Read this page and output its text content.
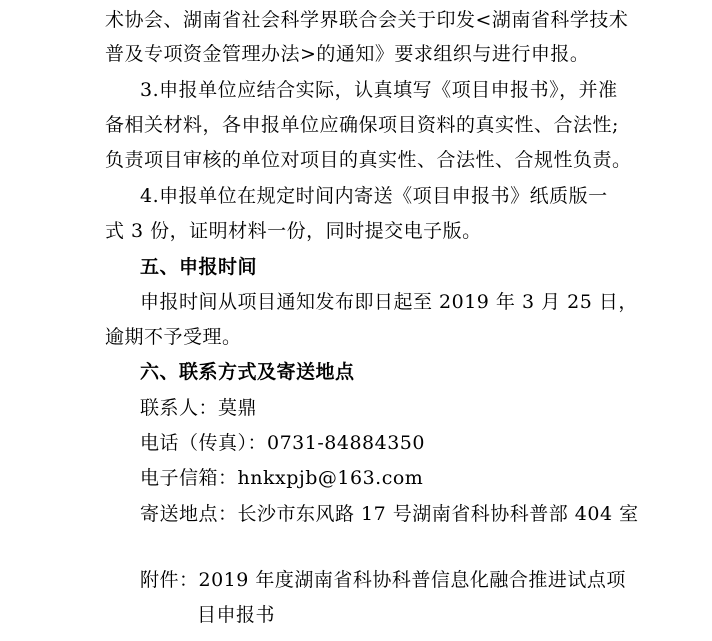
术协会、湖南省社会科学界联合会关于印发<湖南省科学技术
普及专项资金管理办法>的通知》要求组织与进行申报。
3.申报单位应结合实际，认真填写《项目申报书》，并准
备相关材料，各申报单位应确保项目资料的真实性、合法性;
负责项目审核的单位对项目的真实性、合法性、合规性负责。
4.申报单位在规定时间内寄送《项目申报书》纸质版一
式 3 份，证明材料一份，同时提交电子版。
五、申报时间
申报时间从项目通知发布即日起至 2019 年 3 月 25 日，
逾期不予受理。
六、联系方式及寄送地点
联系人：莫鼎
电话（传真）：0731-84884350
电子信箱：hnkxpjb@163.com
寄送地点：长沙市东风路 17 号湖南省科协科普部 404 室
附件：2019 年度湖南省科协科普信息化融合推进试点项
目申报书
